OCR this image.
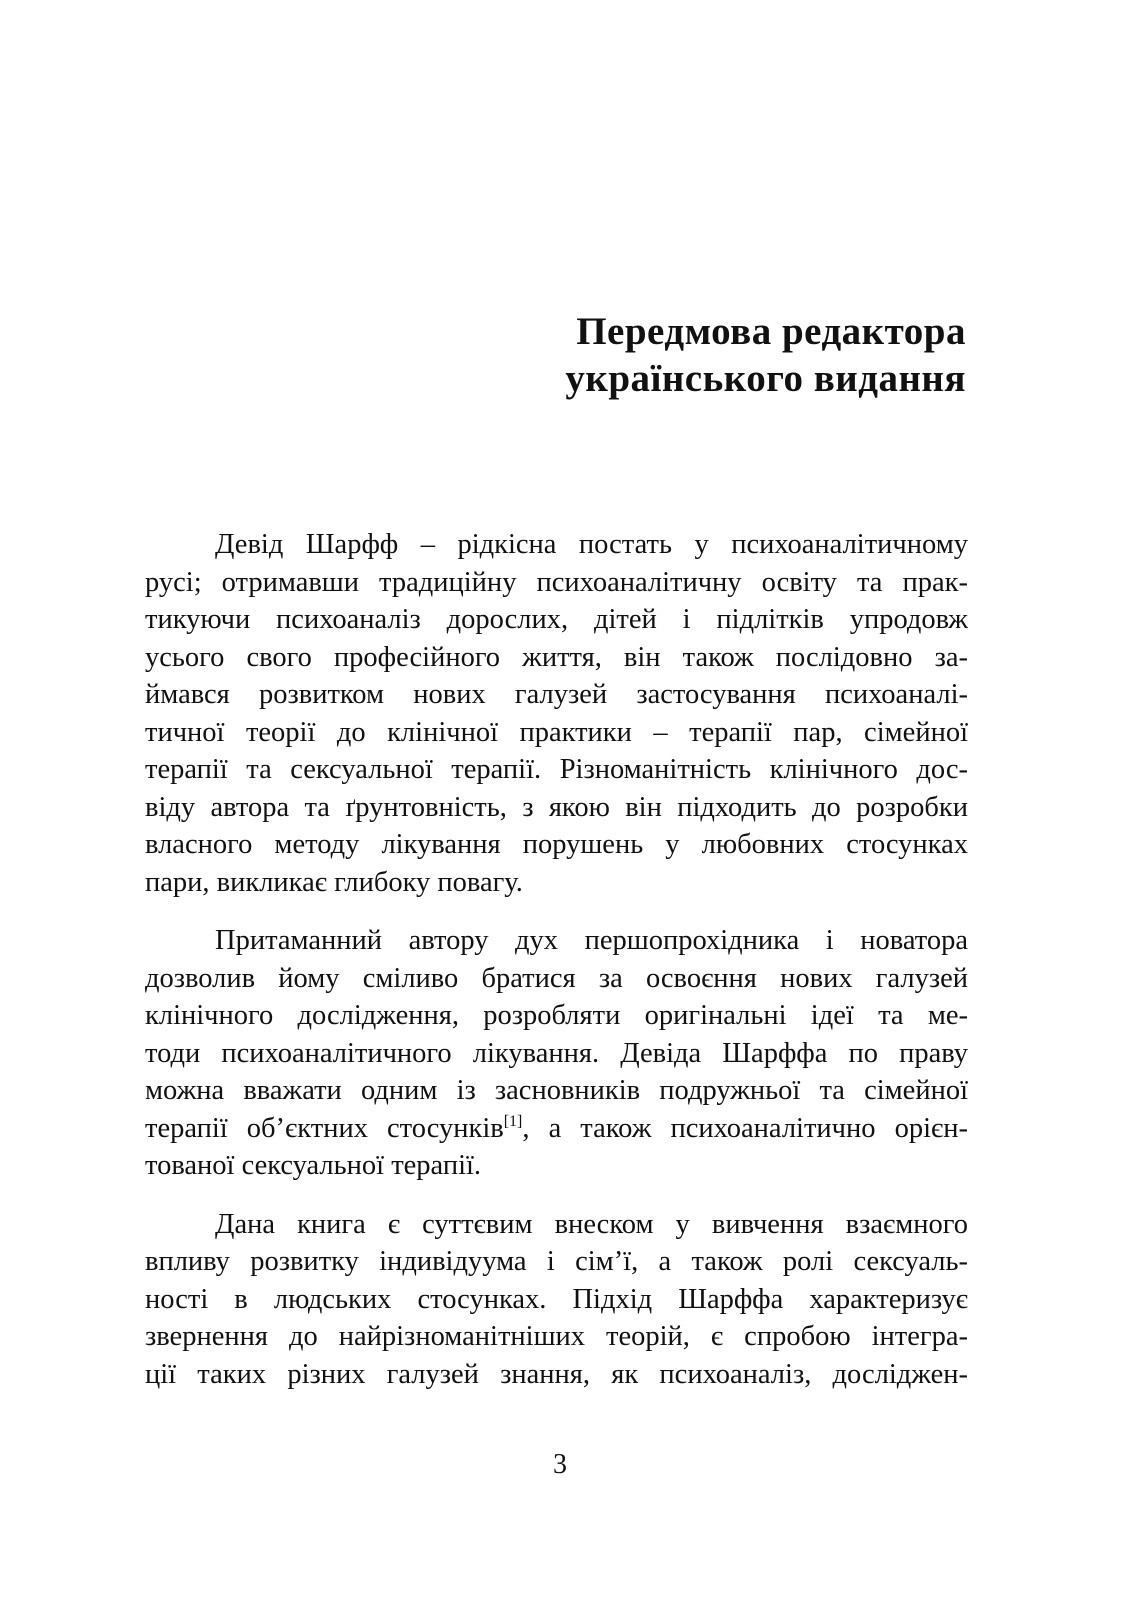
Передмова редактора
українського видання
Девід Шарфф – рідкісна постать у психоаналітичному
русі; отримавши традиційну психоаналітичну освіту та прак-
тикуючи психоаналіз дорослих, дітей і підлітків упродовж
усього свого професійного життя, він також послідовно за-
ймався розвитком нових галузей застосування психоаналі-
тичної теорії до клінічної практики – терапії пар, сімейної
терапії та сексуальної терапії. Різноманітність клінічного дос-
віду автора та ґрунтовність, з якою він підходить до розробки
власного методу лікування порушень у любовних стосунках
пари, викликає глибоку повагу.
Притаманний автору дух першопрохідника і новатора
дозволив йому сміливо братися за освоєння нових галузей
клінічного дослідження, розробляти оригінальні ідеї та ме-
тоди психоаналітичного лікування. Девіда Шарффа по праву
можна вважати одним із засновників подружньої та сімейної
терапії об’єктних стосунків[1], а також психоаналітично орієн-
тованої сексуальної терапії.
Дана книга є суттєвим внеском у вивчення взаємного
впливу розвитку індивідуума і сім’ї, а також ролі сексуаль-
ності в людських стосунках. Підхід Шарффа характеризує
звернення до найрізноманітніших теорій, є спробою інтегра-
ції таких різних галузей знання, як психоаналіз, досліджен-
3
